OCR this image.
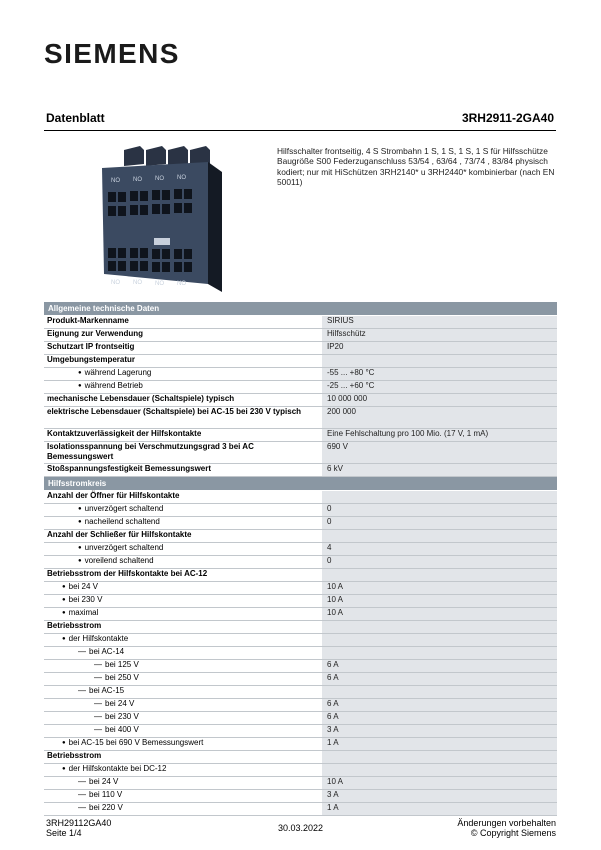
SIEMENS
Datenblatt	3RH2911-2GA40
NO NO NO NO
NO NO NO NO
Hilfsschalter frontseitig, 4 S Strombahn 1 S, 1 S, 1 S, 1 S für Hilfsschütze Baugröße S00 Federzuganschluss 53/54 , 63/64 , 73/74 , 83/84 physisch kodiert; nur mit HiSchützen 3RH2140* u 3RH2440* kombinierbar (nach EN 50011)
Allgemeine technische Daten	
Produkt-Markenname	SIRIUS
Eignung zur Verwendung	Hilfsschütz
Schutzart IP frontseitig	IP20
Umgebungstemperatur	
● während Lagerung	-55 ... +80 °C
● während Betrieb	-25 ... +60 °C
mechanische Lebensdauer (Schaltspiele) typisch	10 000 000
elektrische Lebensdauer (Schaltspiele) bei AC-15 bei 230 V typisch	200 000
Kontaktzuverlässigkeit der Hilfskontakte	Eine Fehlschaltung pro 100 Mio. (17 V, 1 mA)
Isolationsspannung bei Verschmutzungsgrad 3 bei AC Bemessungswert	690 V
Stoßspannungsfestigkeit Bemessungswert	6 kV
Hilfsstromkreis	
Anzahl der Öffner für Hilfskontakte	
● unverzögert schaltend	0
● nacheilend schaltend	0
Anzahl der Schließer für Hilfskontakte	
● unverzögert schaltend	4
● voreilend schaltend	0
Betriebsstrom der Hilfskontakte bei AC-12	
● bei 24 V	10 A
● bei 230 V	10 A
● maximal	10 A
Betriebsstrom	
● der Hilfskontakte	
— bei AC-14	
— bei 125 V	6 A
— bei 250 V	6 A
— bei AC-15	
— bei 24 V	6 A
— bei 230 V	6 A
— bei 400 V	3 A
● bei AC-15 bei 690 V Bemessungswert	1 A
Betriebsstrom	
● der Hilfskontakte bei DC-12	
— bei 24 V	10 A
— bei 110 V	3 A
— bei 220 V	1 A
3RH29112GA40
Seite 1/4	30.03.2022	Änderungen vorbehalten
© Copyright Siemens
